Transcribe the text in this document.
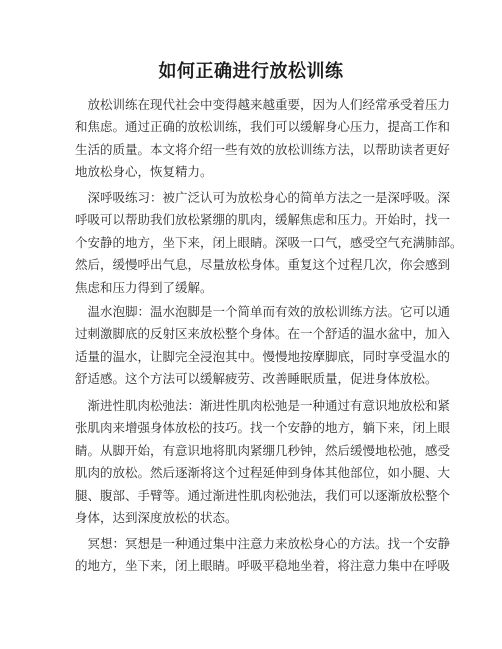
如何正确进行放松训练
　放松训练在现代社会中变得越来越重要，因为人们经常承受着压力
和焦虑。通过正确的放松训练，我们可以缓解身心压力，提高工作和
生活的质量。本文将介绍一些有效的放松训练方法，以帮助读者更好
地放松身心，恢复精力。
　深呼吸练习：被广泛认可为放松身心的简单方法之一是深呼吸。深
呼吸可以帮助我们放松紧绷的肌肉，缓解焦虑和压力。开始时，找一
个安静的地方，坐下来，闭上眼睛。深吸一口气，感受空气充满肺部。
然后，缓慢呼出气息，尽量放松身体。重复这个过程几次，你会感到
焦虑和压力得到了缓解。
　温水泡脚：温水泡脚是一个简单而有效的放松训练方法。它可以通
过刺激脚底的反射区来放松整个身体。在一个舒适的温水盆中，加入
适量的温水，让脚完全浸泡其中。慢慢地按摩脚底，同时享受温水的
舒适感。这个方法可以缓解疲劳、改善睡眠质量，促进身体放松。
　渐进性肌肉松弛法：渐进性肌肉松弛是一种通过有意识地放松和紧
张肌肉来增强身体放松的技巧。找一个安静的地方，躺下来，闭上眼
睛。从脚开始，有意识地将肌肉紧绷几秒钟，然后缓慢地松弛，感受
肌肉的放松。然后逐渐将这个过程延伸到身体其他部位，如小腿、大
腿、腹部、手臂等。通过渐进性肌肉松弛法，我们可以逐渐放松整个
身体，达到深度放松的状态。
　冥想：冥想是一种通过集中注意力来放松身心的方法。找一个安静
的地方，坐下来，闭上眼睛。呼吸平稳地坐着，将注意力集中在呼吸
